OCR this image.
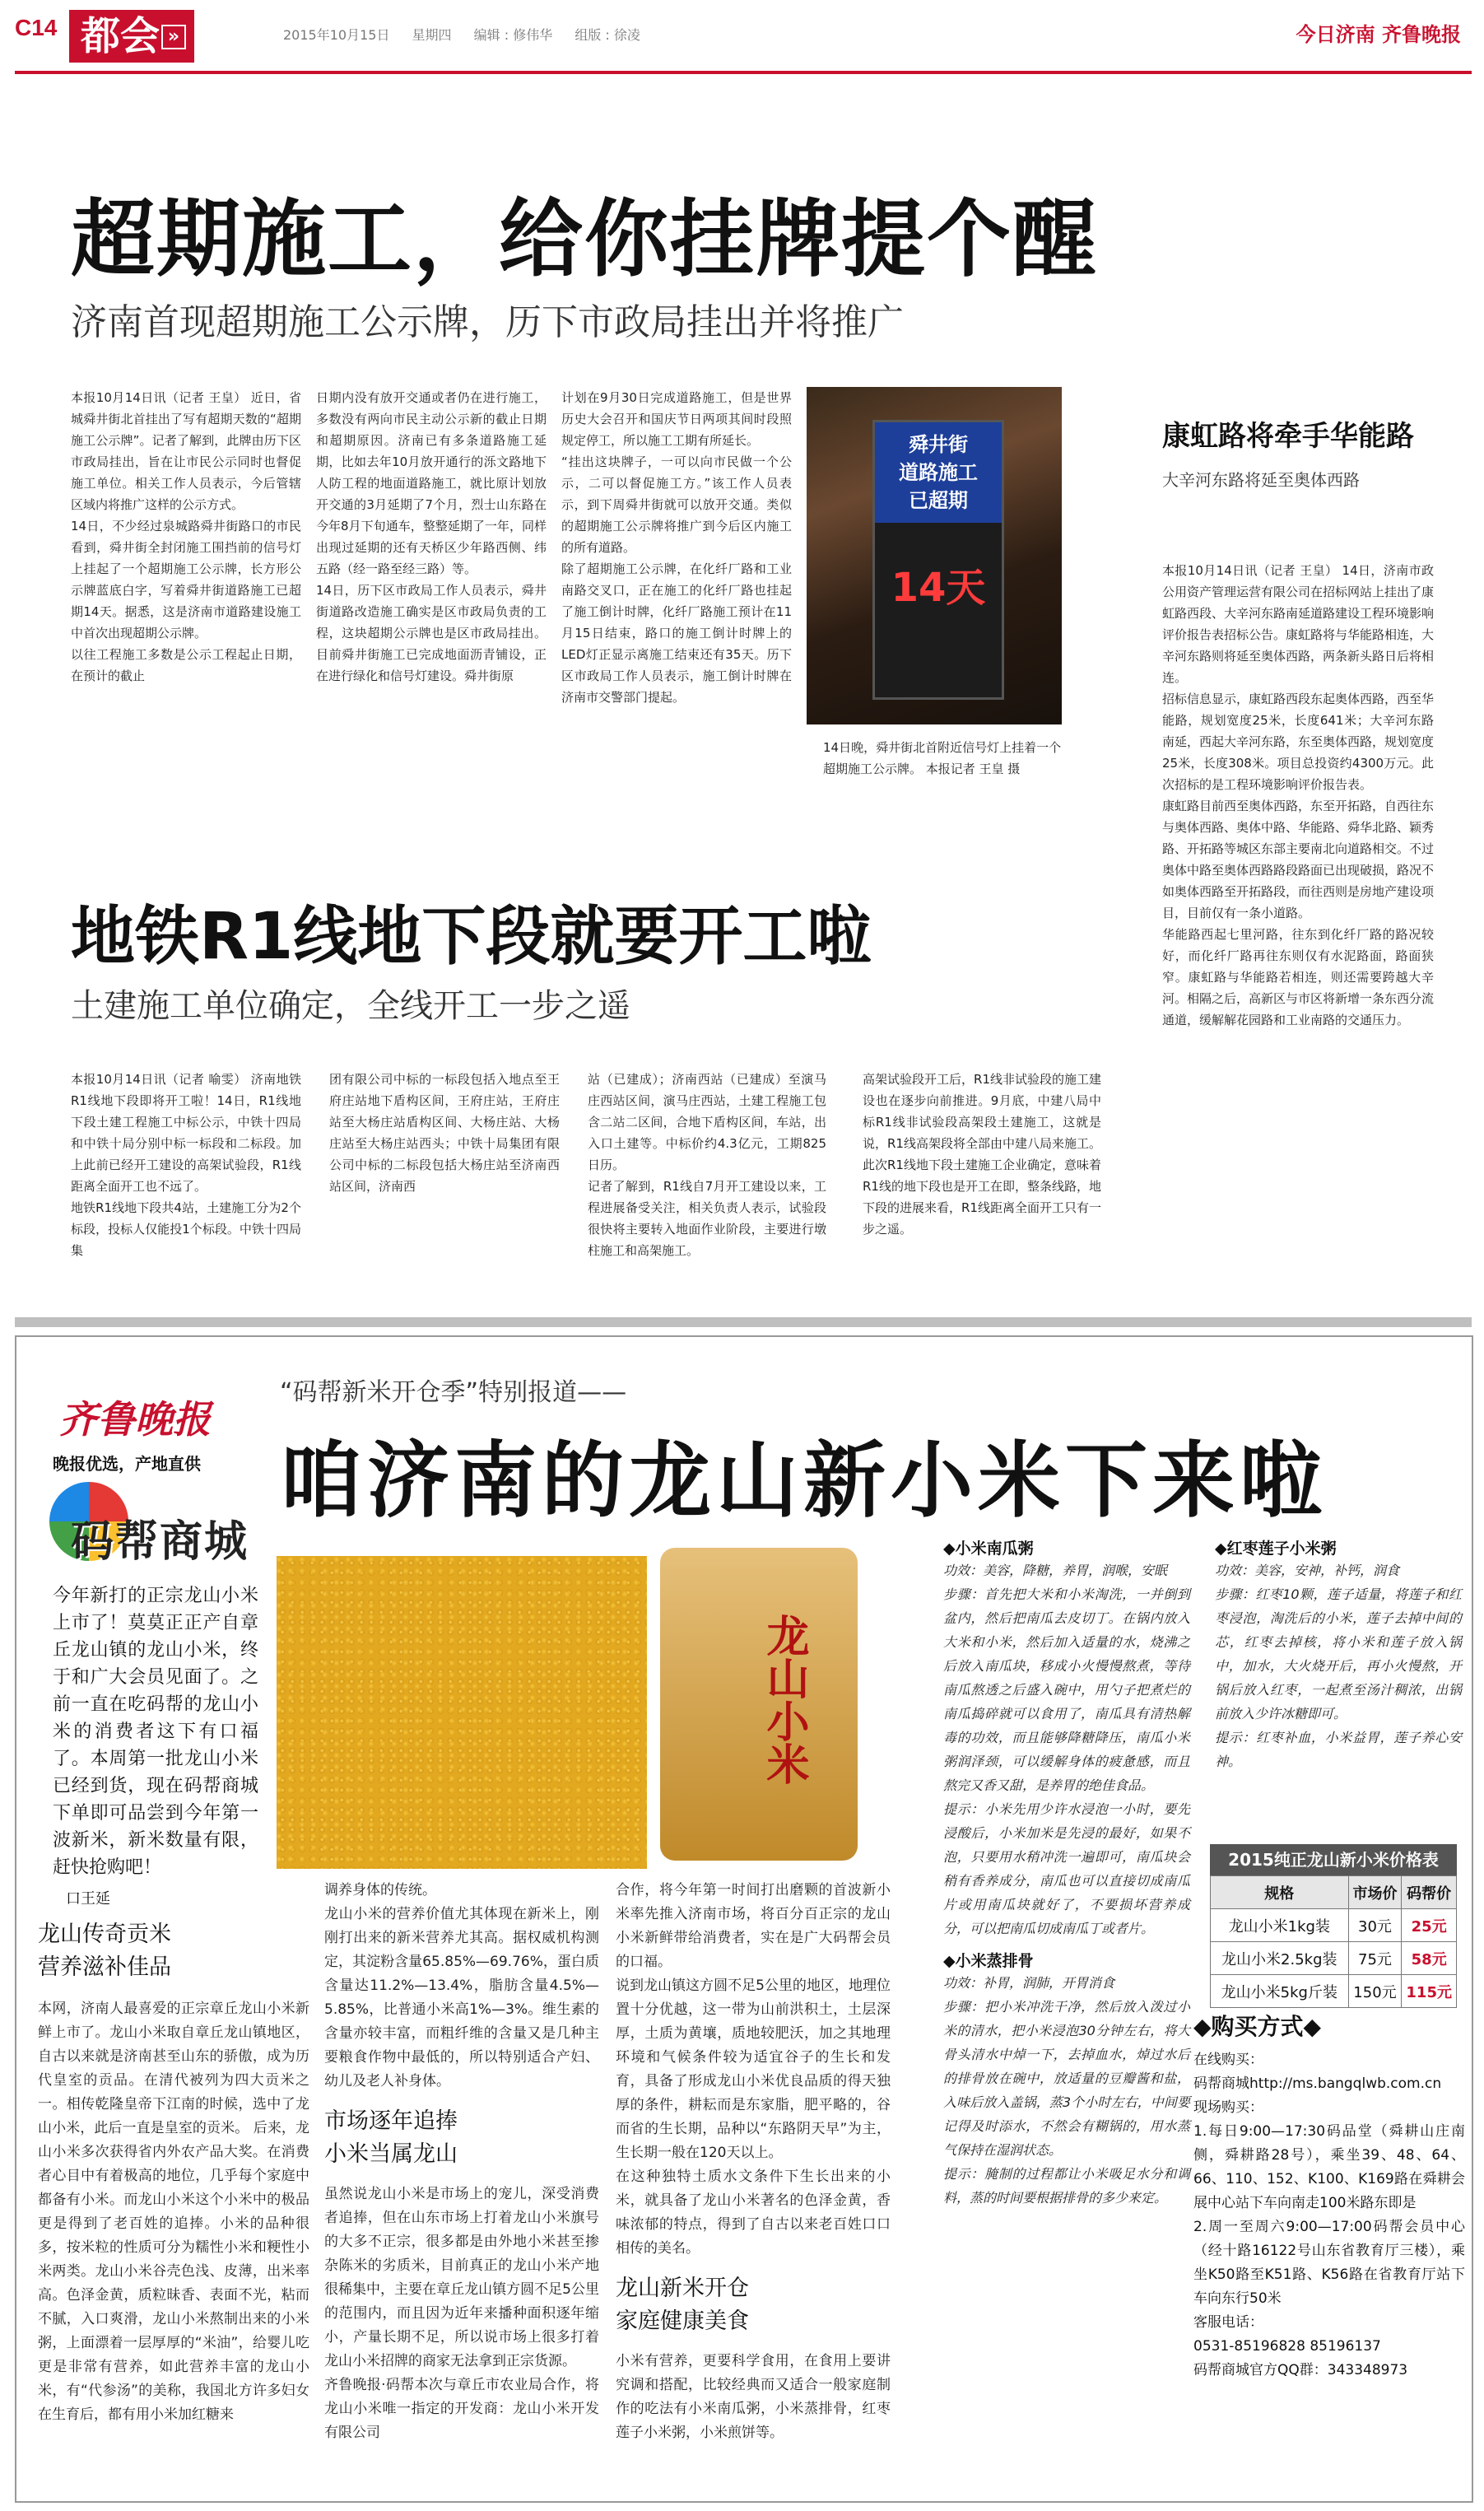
C14 都会 »	2015年10月15日 星期四 编辑 : 修伟华 组版 : 徐凌	今日济南 齐鲁晚报
超期施工，给你挂牌提个醒
济南首现超期施工公示牌，历下市政局挂出并将推广

本报10月14日讯（记者 王皇） 近日，省城舜井街北首挂出了写有超期天数的“超期施工公示牌”。记者了解到，此牌由历下区市政局挂出，旨在让市民公示同时也督促施工单位。相关工作人员表示，今后管辖区域内将推广这样的公示方式。
14日，不少经过泉城路舜井街路口的市民看到，舜井街全封闭施工围挡前的信号灯上挂起了一个超期施工公示牌，长方形公示牌蓝底白字，写着舜井街道路施工已超期14天。据悉，这是济南市道路建设施工中首次出现超期公示牌。
以往工程施工多数是公示工程起止日期，在预计的截止

日期内没有放开交通或者仍在进行施工，多数没有两向市民主动公示新的截止日期和超期原因。济南已有多条道路施工延期，比如去年10月放开通行的泺文路地下人防工程的地面道路施工，就比原计划放开交通的3月延期了7个月，烈士山东路在今年8月下旬通车，整整延期了一年，同样出现过延期的还有天桥区少年路西侧、纬五路（经一路至经三路）等。
14日，历下区市政局工作人员表示，舜井街道路改造施工确实是区市政局负责的工程，这块超期公示牌也是区市政局挂出。目前舜井街施工已完成地面沥青铺设，正在进行绿化和信号灯建设。舜井街原

计划在9月30日完成道路施工，但是世界历史大会召开和国庆节日两项其间时段照规定停工，所以施工工期有所延长。
“挂出这块牌子，一可以向市民做一个公示，二可以督促施工方。”该工作人员表示，到下周舜井街就可以放开交通。类似的超期施工公示牌将推广到今后区内施工的所有道路。
除了超期施工公示牌，在化纤厂路和工业南路交叉口，正在施工的化纤厂路也挂起了施工倒计时牌，化纤厂路施工预计在11月15日结束，路口的施工倒计时牌上的LED灯正显示离施工结束还有35天。历下区市政局工作人员表示，施工倒计时牌在济南市交警部门提起。

舜井街
道路施工
已超期
14天
14日晚，舜井街北首附近信号灯上挂着一个超期施工公示牌。 本报记者 王皇 摄
康虹路将牵手华能路
大辛河东路将延至奥体西路

本报10月14日讯（记者 王皇） 14日，济南市政公用资产管理运营有限公司在招标网站上挂出了康虹路西段、大辛河东路南延道路建设工程环境影响评价报告表招标公告。康虹路将与华能路相连，大辛河东路则将延至奥体西路，两条新头路日后将相连。
招标信息显示，康虹路西段东起奥体西路，西至华能路，规划宽度25米，长度641米；大辛河东路南延，西起大辛河东路，东至奥体西路，规划宽度25米，长度308米。项目总投资约4300万元。此次招标的是工程环境影响评价报告表。
康虹路目前西至奥体西路，东至开拓路，自西往东与奥体西路、奥体中路、华能路、舜华北路、颖秀路、开拓路等城区东部主要南北向道路相交。不过奥体中路至奥体西路路段路面已出现破损，路况不如奥体西路至开拓路段，而往西则是房地产建设项目，目前仅有一条小道路。
华能路西起七里河路，往东到化纤厂路的路况较好，而化纤厂路再往东则仅有水泥路面，路面狭窄。康虹路与华能路若相连，则还需要跨越大辛河。相隔之后，高新区与市区将新增一条东西分流通道，缓解解花园路和工业南路的交通压力。

地铁R1线地下段就要开工啦
土建施工单位确定，全线开工一步之遥

本报10月14日讯（记者 喻雯） 济南地铁R1线地下段即将开工啦！14日，R1线地下段土建工程施工中标公示，中铁十四局和中铁十局分别中标一标段和二标段。加上此前已经开工建设的高架试验段，R1线距离全面开工也不远了。
地铁R1线地下段共4站，土建施工分为2个标段，投标人仅能投1个标段。中铁十四局集

团有限公司中标的一标段包括入地点至王府庄站地下盾构区间，王府庄站，王府庄站至大杨庄站盾构区间、大杨庄站、大杨庄站至大杨庄站西头；中铁十局集团有限公司中标的二标段包括大杨庄站至济南西站区间，济南西

站（已建成）；济南西站（已建成）至演马庄西站区间，演马庄西站，土建工程施工包含二站二区间，合地下盾构区间，车站，出入口土建等。中标价约4.3亿元，工期825日历。
记者了解到，R1线自7月开工建设以来，工程进展备受关注，相关负责人表示，试验段很快将主要转入地面作业阶段，主要进行墩柱施工和高架施工。

高架试验段开工后，R1线非试验段的施工建设也在逐步向前推进。9月底，中建八局中标R1线非试验段高架段土建施工，这就是说，R1线高架段将全部由中建八局来施工。此次R1线地下段土建施工企业确定，意味着R1线的地下段也是开工在即，整条线路，地下段的进展来看，R1线距离全面开工只有一步之遥。

齐鲁晚报
晚报优选，产地直供
码帮商城
“码帮新米开仓季”特别报道——
咱济南的龙山新小米下来啦

今年新打的正宗龙山小米上市了！莫莫正正产自章丘龙山镇的龙山小米，终于和广大会员见面了。之前一直在吃码帮的龙山小米的消费者这下有口福了。本周第一批龙山小米已经到货，现在码帮商城下单即可品尝到今年第一波新米，新米数量有限，赶快抢购吧！

龙山小米
口王延
龙山传奇贡米
营养滋补佳品

本网，济南人最喜爱的正宗章丘龙山小米新鲜上市了。龙山小米取自章丘龙山镇地区，自古以来就是济南甚至山东的骄傲，成为历代皇室的贡品。在清代被列为四大贡米之一。相传乾隆皇帝下江南的时候，选中了龙山小米，此后一直是皇室的贡米。 后来，龙山小米多次获得省内外农产品大奖。在消费者心目中有着极高的地位，几乎每个家庭中都备有小米。而龙山小米这个小米中的极品更是得到了老百姓的追捧。小米的品种很多，按米粒的性质可分为糯性小米和粳性小米两类。龙山小米谷壳色浅、皮薄，出米率高。色泽金黄，质粒昧香、表面不光，粘而不腻，入口爽滑，龙山小米熬制出来的小米粥，上面漂着一层厚厚的“米油”，给婴儿吃更是非常有营养，如此营养丰富的龙山小米，有“代参汤”的美称，我国北方许多妇女在生育后，都有用小米加红糖来

调养身体的传统。
龙山小米的营养价值尤其体现在新米上，刚刚打出来的新米营养尤其高。据权威机构测定，其淀粉含量65.85%—69.76%，蛋白质含量达11.2%—13.4%，脂肪含量4.5%—5.85%，比普通小米高1%—3%。维生素的含量亦较丰富，而粗纤维的含量又是几种主要粮食作物中最低的，所以特别适合产妇、幼儿及老人补身体。

市场逐年追捧
小米当属龙山

虽然说龙山小米是市场上的宠儿，深受消费者追捧，但在山东市场上打着龙山小米旗号的大多不正宗，很多都是由外地小米甚至掺杂陈米的劣质米，目前真正的龙山小米产地很稀集中，主要在章丘龙山镇方圆不足5公里的范围内，而且因为近年来播种面积逐年缩小，产量长期不足，所以说市场上很多打着龙山小米招牌的商家无法拿到正宗货源。
齐鲁晚报·码帮本次与章丘市农业局合作，将龙山小米唯一指定的开发商：龙山小米开发有限公司

合作，将今年第一时间打出磨颗的首波新小米率先推入济南市场，将百分百正宗的龙山小米新鲜带给消费者，实在是广大码帮会员的口福。
说到龙山镇这方圆不足5公里的地区，地理位置十分优越，这一带为山前洪积土，土层深厚，土质为黄壤，质地较肥沃，加之其地理环境和气候条件较为适宜谷子的生长和发育，具备了形成龙山小米优良品质的得天独厚的条件，耕耘而是东家脂，肥平略的，谷而省的生长期，品种以“东路阴天早”为主，生长期一般在120天以上。
在这种独特土质水文条件下生长出来的小米，就具备了龙山小米著名的色泽金黄，香味浓郁的特点，得到了自古以来老百姓口口相传的美名。

龙山新米开仓
家庭健康美食

小米有营养，更要科学食用，在食用上要讲究调和搭配，比较经典而又适合一般家庭制作的吃法有小米南瓜粥，小米蒸排骨，红枣莲子小米粥，小米煎饼等。

◆小米南瓜粥

功效：美容，降糖，养胃，润喉，安眠
步骤：首先把大米和小米淘洗，一并倒到盆内，然后把南瓜去皮切丁。在锅内放入大米和小米，然后加入适量的水，烧沸之后放入南瓜块，移成小火慢慢熬煮，等待南瓜熬透之后盛入碗中，用勺子把煮烂的南瓜捣碎就可以食用了，南瓜具有清热解毒的功效，而且能够降糖降压，南瓜小米粥润泽颈，可以缓解身体的疲惫感，而且熬完又香又甜，是养胃的绝佳食品。
提示：小米先用少许水浸泡一小时，要先浸酸后，小米加米是先浸的最好，如果不泡，只要用水稍冲洗一遍即可，南瓜块会稍有香养成分，南瓜也可以直接切成南瓜片或用南瓜块就好了，不要损坏营养成分，可以把南瓜切成南瓜丁或者片。

◆小米蒸排骨

功效：补胃，润肺，开胃消食
步骤：把小米冲洗干净，然后放入泼过小米的清水，把小米浸泡30分钟左右，将大骨头清水中焯一下，去掉血水，焯过水后的排骨放在碗中，放适量的豆瓣酱和盐，入味后放入盖锅，蒸3个小时左右，中间要记得及时添水，不然会有糊锅的，用水蒸气保持在湿润状态。
提示：腌制的过程都让小米吸足水分和调料，蒸的时间要根据排骨的多少来定。

◆红枣莲子小米粥

功效：美容，安神，补钙，润食
步骤：红枣10颗，莲子适量，将莲子和红枣浸泡，淘洗后的小米，莲子去掉中间的芯，红枣去掉核，将小米和莲子放入锅中，加水，大火烧开后，再小火慢熬，开锅后放入红枣，一起煮至汤汁稠浓，出锅前放入少许冰糖即可。
提示：红枣补血，小米益胃，莲子养心安神。

2015纯正龙山新小米价格表
规格	市场价	码帮价
龙山小米1kg装	30元	25元
龙山小米2.5kg装	75元	58元
龙山小米5kg斤装	150元	115元
◆购买方式◆

在线购买：
码帮商城http://ms.bangqlwb.com.cn
现场购买：
1.每日9:00—17:30码品堂（舜耕山庄南侧，舜耕路28号），乘坐39、48、64、66、110、152、K100、K169路在舜耕会展中心站下车向南走100米路东即是
2.周一至周六9:00—17:00码帮会员中心（经十路16122号山东省教育厅三楼），乘坐K50路至K51路、K56路在省教育厅站下车向东行50米
客服电话：
0531-85196828 85196137
码帮商城官方QQ群：343348973
